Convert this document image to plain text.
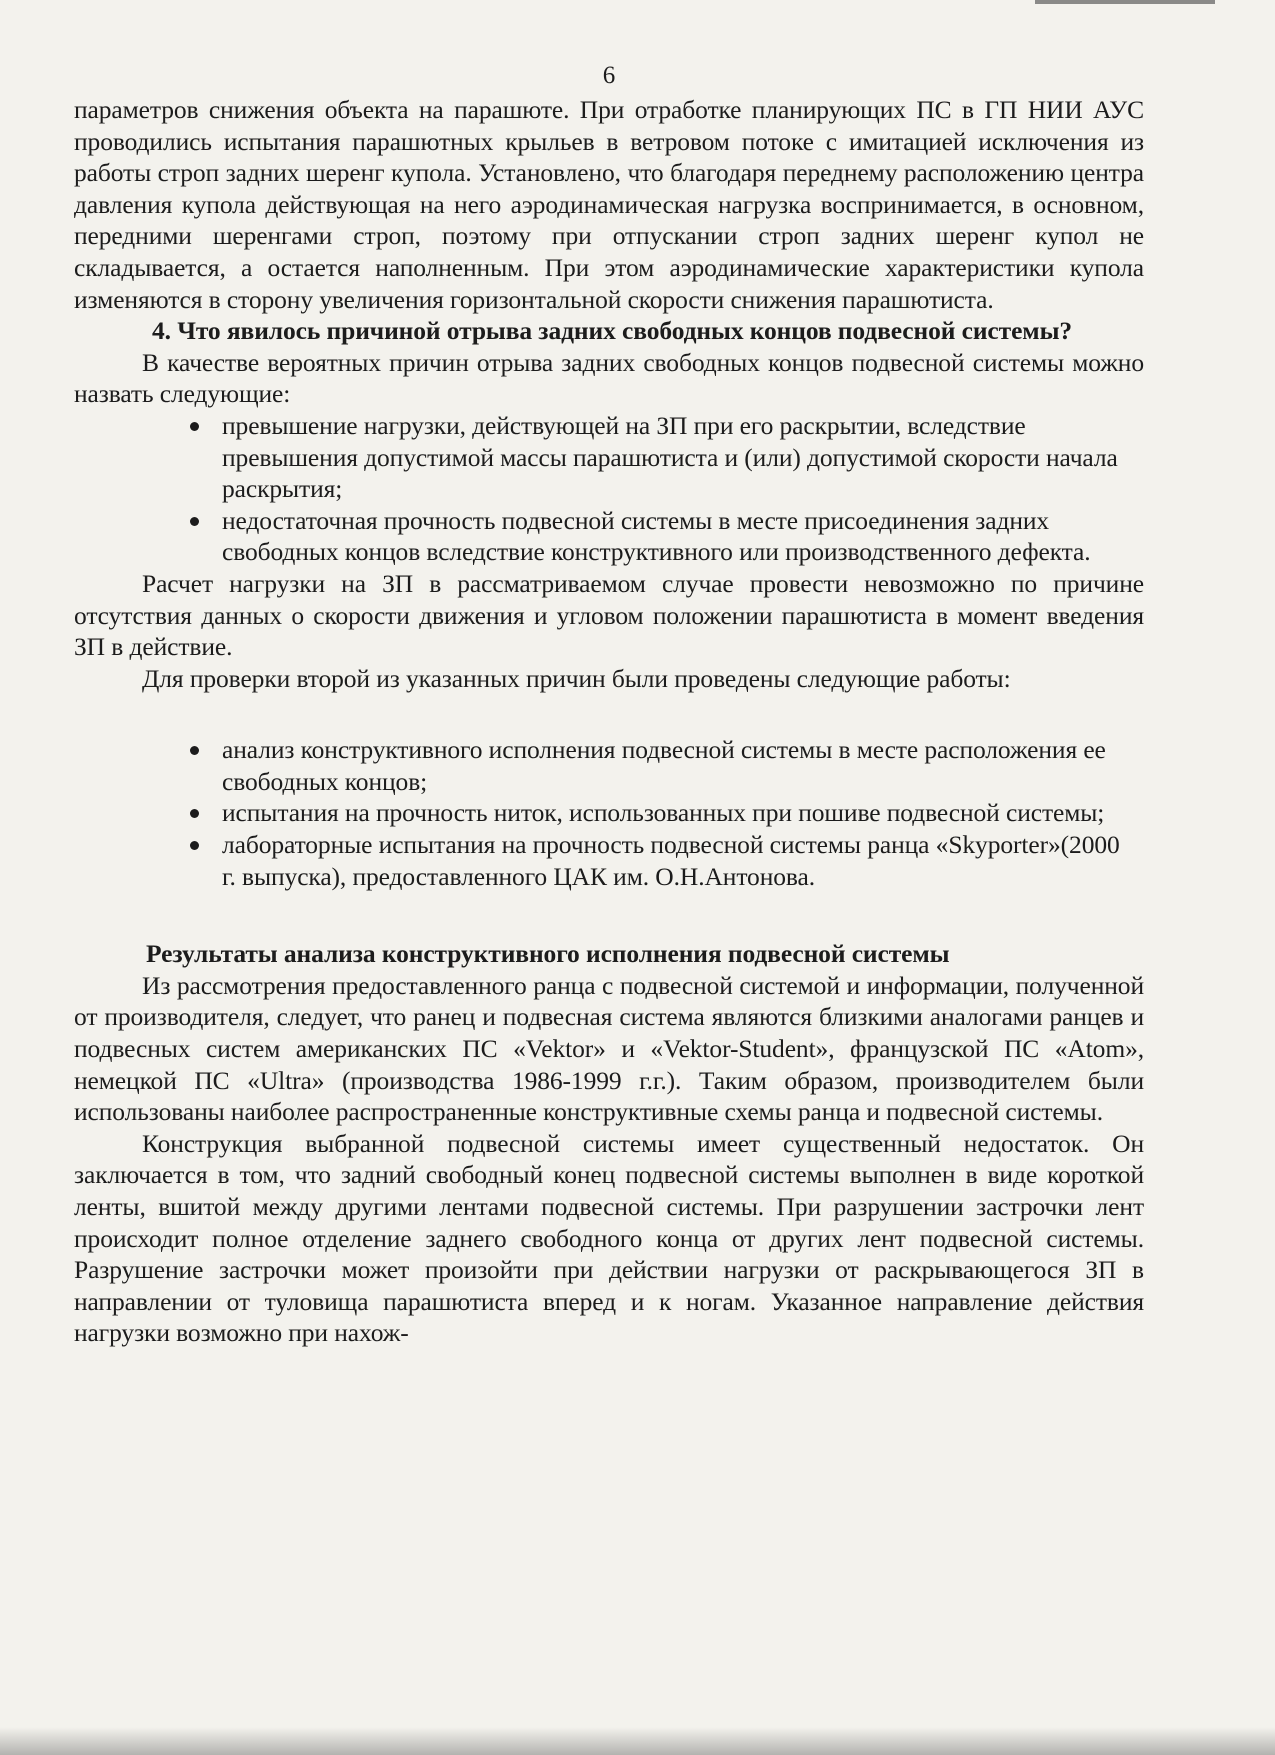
6

параметров снижения объекта на парашюте. При отработке планирующих ПС в ГП НИИ АУС проводились испытания парашютных крыльев в ветровом потоке с имитацией исключения из работы строп задних шеренг купола. Установлено, что благодаря переднему расположению центра давления купола действующая на него аэродинамическая нагрузка воспринимается, в основном, передними шеренгами строп, поэтому при отпускании строп задних шеренг купол не складывается, а остается наполненным. При этом аэродинамические характеристики купола изменяются в сторону увеличения горизонтальной скорости снижения парашютиста.

4. Что явилось причиной отрыва задних свободных концов подвесной системы?

В качестве вероятных причин отрыва задних свободных концов подвесной системы можно назвать следующие:

превышение нагрузки, действующей на ЗП при его раскрытии, вследствие превышения допустимой массы парашютиста и (или) допустимой скорости начала раскрытия;
недостаточная прочность подвесной системы в месте присоединения задних свободных концов вследствие конструктивного или производственного дефекта.

Расчет нагрузки на ЗП в рассматриваемом случае провести невозможно по причине отсутствия данных о скорости движения и угловом положении парашютиста в момент введения ЗП в действие.

Для проверки второй из указанных причин были проведены следующие работы:

анализ конструктивного исполнения подвесной системы в месте расположения ее свободных концов;
испытания на прочность ниток, использованных при пошиве подвесной системы;
лабораторные испытания на прочность подвесной системы ранца «Skyporter»(2000 г. выпуска), предоставленного ЦАК им. О.Н.Антонова.

Результаты анализа конструктивного исполнения подвесной системы

Из рассмотрения предоставленного ранца с подвесной системой и информации, полученной от производителя, следует, что ранец и подвесная система являются близкими аналогами ранцев и подвесных систем американских ПС «Vektor» и «Vektor-Student», французской ПС «Atom», немецкой ПС «Ultra» (производства 1986-1999 г.г.). Таким образом, производителем были использованы наиболее распространенные конструктивные схемы ранца и подвесной системы.

Конструкция выбранной подвесной системы имеет существенный недостаток. Он заключается в том, что задний свободный конец подвесной системы выполнен в виде короткой ленты, вшитой между другими лентами подвесной системы. При разрушении застрочки лент происходит полное отделение заднего свободного конца от других лент подвесной системы. Разрушение застрочки может произойти при действии нагрузки от раскрывающегося ЗП в направлении от туловища парашютиста вперед и к ногам. Указанное направление действия нагрузки возможно при нахож-
